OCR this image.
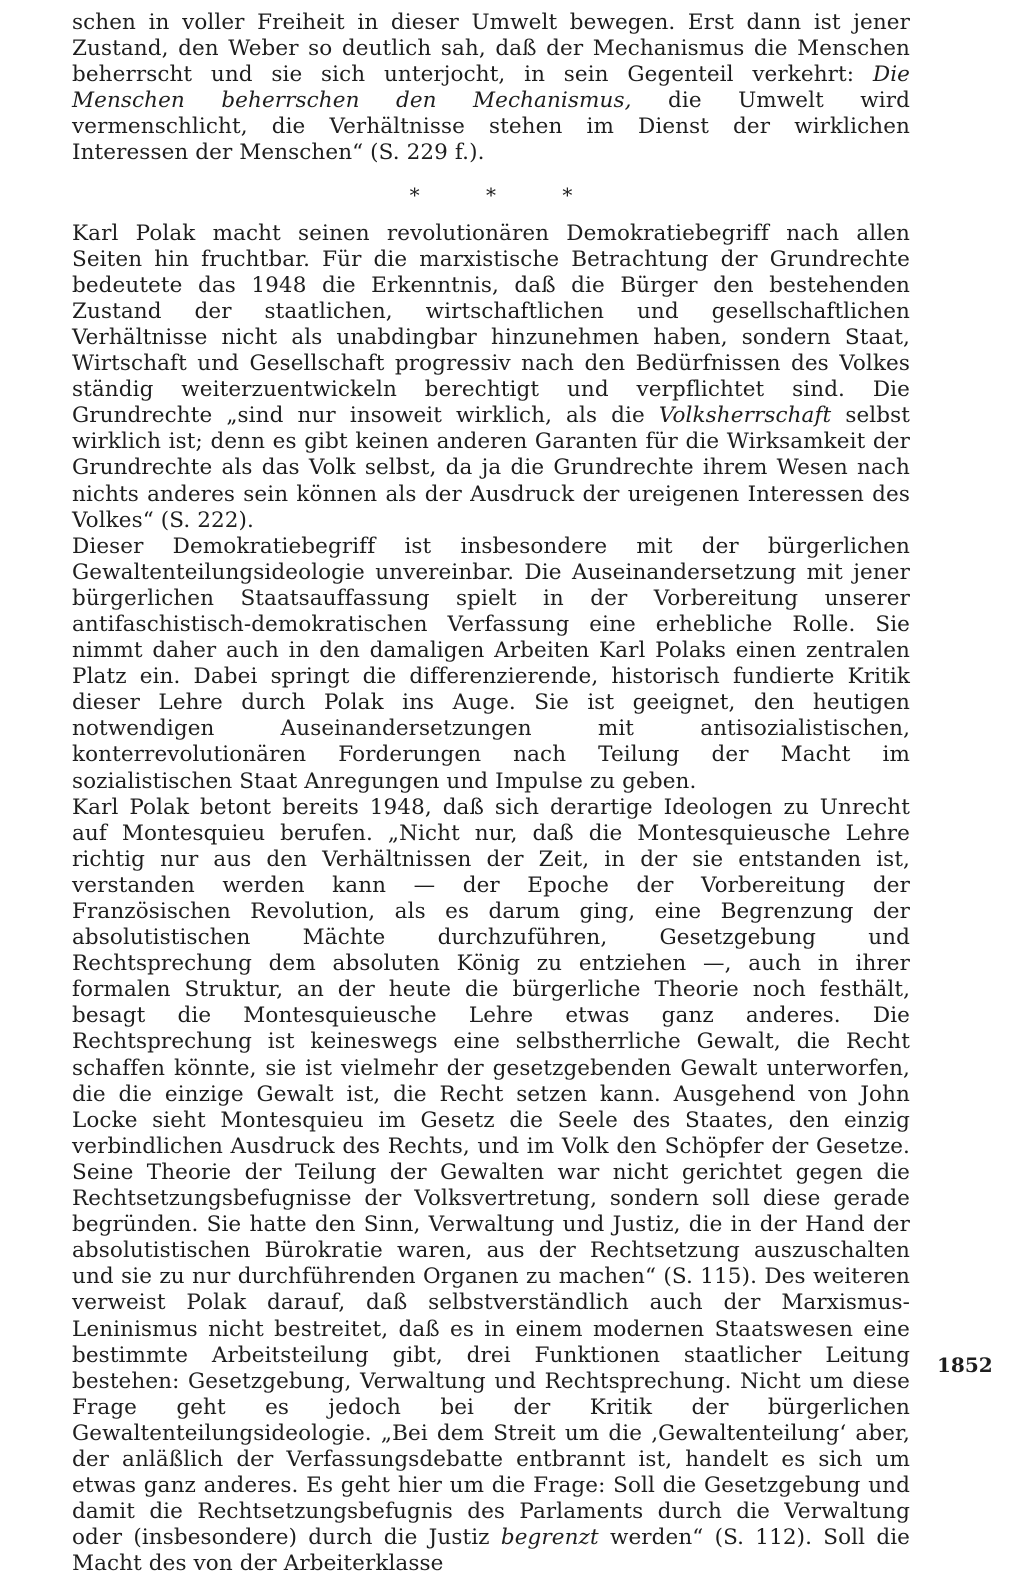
schen in voller Freiheit in dieser Umwelt bewegen. Erst dann ist jener Zustand, den Weber so deutlich sah, daß der Mechanismus die Menschen beherrscht und sie sich unterjocht, in sein Gegenteil verkehrt: Die Menschen beherrschen den Mechanismus, die Umwelt wird vermenschlicht, die Verhältnisse stehen im Dienst der wirklichen Interessen der Menschen“ (S. 229 f.).

* * *

Karl Polak macht seinen revolutionären Demokratiebegriff nach allen Seiten hin fruchtbar. Für die marxistische Betrachtung der Grundrechte bedeutete das 1948 die Erkenntnis, daß die Bürger den bestehenden Zustand der staatlichen, wirtschaftlichen und gesellschaftlichen Verhältnisse nicht als unabdingbar hinzunehmen haben, sondern Staat, Wirtschaft und Gesellschaft progressiv nach den Bedürfnissen des Volkes ständig weiterzuentwickeln berechtigt und verpflichtet sind. Die Grundrechte „sind nur insoweit wirklich, als die Volksherrschaft selbst wirklich ist; denn es gibt keinen anderen Garanten für die Wirksamkeit der Grundrechte als das Volk selbst, da ja die Grundrechte ihrem Wesen nach nichts anderes sein können als der Ausdruck der ureigenen Interessen des Volkes“ (S. 222).

Dieser Demokratiebegriff ist insbesondere mit der bürgerlichen Gewaltenteilungsideologie unvereinbar. Die Auseinandersetzung mit jener bürgerlichen Staatsauffassung spielt in der Vorbereitung unserer antifaschistisch-demokratischen Verfassung eine erhebliche Rolle. Sie nimmt daher auch in den damaligen Arbeiten Karl Polaks einen zentralen Platz ein. Dabei springt die differenzierende, historisch fundierte Kritik dieser Lehre durch Polak ins Auge. Sie ist geeignet, den heutigen notwendigen Auseinandersetzungen mit antisozialistischen, konterrevolutionären Forderungen nach Teilung der Macht im sozialistischen Staat Anregungen und Impulse zu geben.

Karl Polak betont bereits 1948, daß sich derartige Ideologen zu Unrecht auf Montesquieu berufen. „Nicht nur, daß die Montesquieusche Lehre richtig nur aus den Verhältnissen der Zeit, in der sie entstanden ist, verstanden werden kann — der Epoche der Vorbereitung der Französischen Revolution, als es darum ging, eine Begrenzung der absolutistischen Mächte durchzuführen, Gesetzgebung und Rechtsprechung dem absoluten König zu entziehen —, auch in ihrer formalen Struktur, an der heute die bürgerliche Theorie noch festhält, besagt die Montesquieusche Lehre etwas ganz anderes. Die Rechtsprechung ist keineswegs eine selbstherrliche Gewalt, die Recht schaffen könnte, sie ist vielmehr der gesetzgebenden Gewalt unterworfen, die die einzige Gewalt ist, die Recht setzen kann. Ausgehend von John Locke sieht Montesquieu im Gesetz die Seele des Staates, den einzig verbindlichen Ausdruck des Rechts, und im Volk den Schöpfer der Gesetze. Seine Theorie der Teilung der Gewalten war nicht gerichtet gegen die Rechtsetzungsbefugnisse der Volksvertretung, sondern soll diese gerade begründen. Sie hatte den Sinn, Verwaltung und Justiz, die in der Hand der absolutistischen Bürokratie waren, aus der Rechtsetzung auszuschalten und sie zu nur durchführenden Organen zu machen“ (S. 115). Des weiteren verweist Polak darauf, daß selbstverständlich auch der Marxismus-Leninismus nicht bestreitet, daß es in einem modernen Staatswesen eine bestimmte Arbeitsteilung gibt, drei Funktionen staatlicher Leitung bestehen: Gesetzgebung, Verwaltung und Rechtsprechung. Nicht um diese Frage geht es jedoch bei der Kritik der bürgerlichen Gewaltenteilungsideologie. „Bei dem Streit um die ‚Gewaltenteilung‘ aber, der anläßlich der Verfassungsdebatte entbrannt ist, handelt es sich um etwas ganz anderes. Es geht hier um die Frage: Soll die Gesetzgebung und damit die Rechtsetzungsbefugnis des Parlaments durch die Verwaltung oder (insbesondere) durch die Justiz begrenzt werden“ (S. 112). Soll die Macht des von der Arbeiterklasse

1852
